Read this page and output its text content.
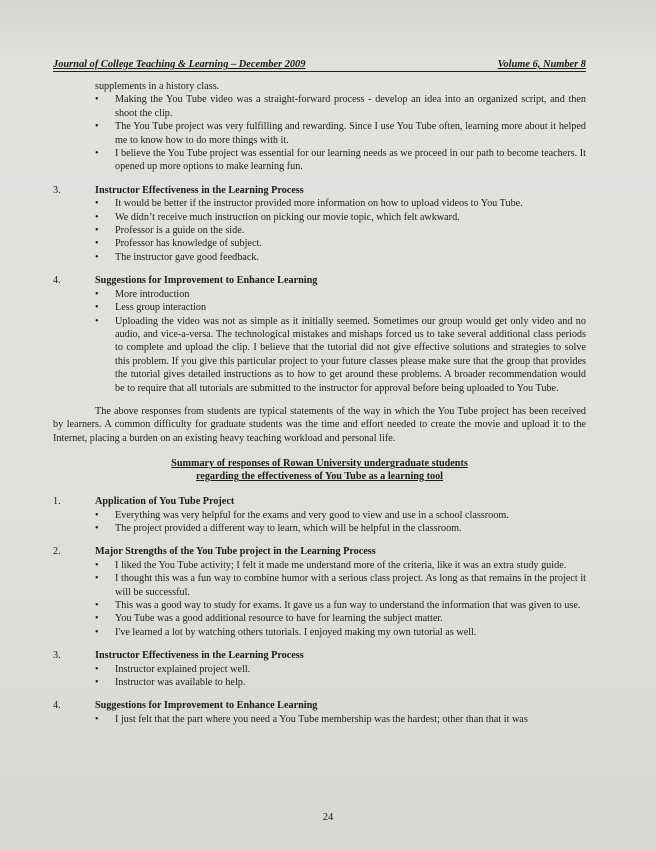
Journal of College Teaching & Learning – December 2009	Volume 6, Number 8
supplements in a history class.
•	Making the You Tube video was a straight-forward process - develop an idea into an organized script, and then shoot the clip.
•	The You Tube project was very fulfilling and rewarding. Since I use You Tube often, learning more about it helped me to know how to do more things with it.
•	I believe the You Tube project was essential for our learning needs as we proceed in our path to become teachers. It opened up more options to make learning fun.
3.	Instructor Effectiveness in the Learning Process
•	It would be better if the instructor provided more information on how to upload videos to You Tube.
•	We didn’t receive much instruction on picking our movie topic, which felt awkward.
•	Professor is a guide on the side.
•	Professor has knowledge of subject.
•	The instructor gave good feedback.
4.	Suggestions for Improvement to Enhance Learning
•	More introduction
•	Less group interaction
•	Uploading the video was not as simple as it initially seemed. Sometimes our group would get only video and no audio, and vice-a-versa. The technological mistakes and mishaps forced us to take several additional class periods to complete and upload the clip. I believe that the tutorial did not give effective solutions and strategies to solve this problem. If you give this particular project to your future classes please make sure that the group that provides the tutorial gives detailed instructions as to how to get around these problems. A broader recommendation would be to require that all tutorials are submitted to the instructor for approval before being uploaded to You Tube.
The above responses from students are typical statements of the way in which the You Tube project has been received by learners. A common difficulty for graduate students was the time and effort needed to create the movie and upload it to the Internet, placing a burden on an existing heavy teaching workload and personal life.
Summary of responses of Rowan University undergraduate students
regarding the effectiveness of You Tube as a learning tool
1.	Application of You Tube Project
•	Everything was very helpful for the exams and very good to view and use in a school classroom.
•	The project provided a different way to learn, which will be helpful in the classroom.
2.	Major Strengths of the You Tube project in the Learning Process
•	I liked the You Tube activity; I felt it made me understand more of the criteria, like it was an extra study guide.
•	I thought this was a fun way to combine humor with a serious class project. As long as that remains in the project it will be successful.
•	This was a good way to study for exams. It gave us a fun way to understand the information that was given to use.
•	You Tube was a good additional resource to have for learning the subject matter.
•	I've learned a lot by watching others tutorials. I enjoyed making my own tutorial as well.
3.	Instructor Effectiveness in the Learning Process
•	Instructor explained project well.
•	Instructor was available to help.
4.	Suggestions for Improvement to Enhance Learning
•	I just felt that the part where you need a You Tube membership was the hardest; other than that it was
24
